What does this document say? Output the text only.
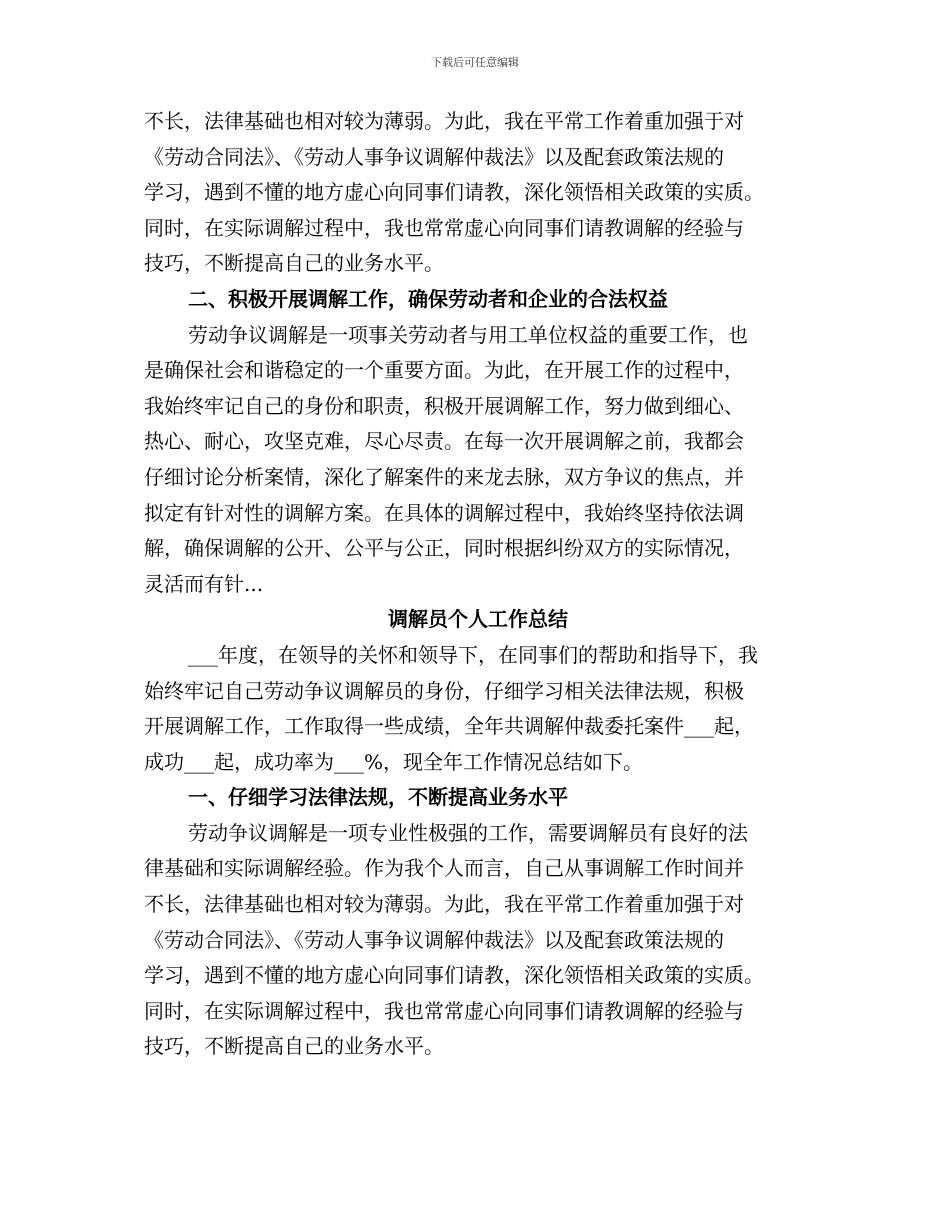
下载后可任意编辑
不长，法律基础也相对较为薄弱。为此，我在平常工作着重加强于对
《劳动合同法》、《劳动人事争议调解仲裁法》以及配套政策法规的
学习，遇到不懂的地方虚心向同事们请教，深化领悟相关政策的实质。
同时，在实际调解过程中，我也常常虚心向同事们请教调解的经验与
技巧，不断提高自己的业务水平。
二、积极开展调解工作，确保劳动者和企业的合法权益
劳动争议调解是一项事关劳动者与用工单位权益的重要工作，也
是确保社会和谐稳定的一个重要方面。为此，在开展工作的过程中，
我始终牢记自己的身份和职责，积极开展调解工作，努力做到细心、
热心、耐心，攻坚克难，尽心尽责。在每一次开展调解之前，我都会
仔细讨论分析案情，深化了解案件的来龙去脉，双方争议的焦点，并
拟定有针对性的调解方案。在具体的调解过程中，我始终坚持依法调
解，确保调解的公开、公平与公正，同时根据纠纷双方的实际情况，
灵活而有针...
调解员个人工作总结
___年度，在领导的关怀和领导下，在同事们的帮助和指导下，我
始终牢记自己劳动争议调解员的身份，仔细学习相关法律法规，积极
开展调解工作，工作取得一些成绩，全年共调解仲裁委托案件___起，
成功___起，成功率为___%，现全年工作情况总结如下。
一、仔细学习法律法规，不断提高业务水平
劳动争议调解是一项专业性极强的工作，需要调解员有良好的法
律基础和实际调解经验。作为我个人而言，自己从事调解工作时间并
不长，法律基础也相对较为薄弱。为此，我在平常工作着重加强于对
《劳动合同法》、《劳动人事争议调解仲裁法》以及配套政策法规的
学习，遇到不懂的地方虚心向同事们请教，深化领悟相关政策的实质。
同时，在实际调解过程中，我也常常虚心向同事们请教调解的经验与
技巧，不断提高自己的业务水平。
